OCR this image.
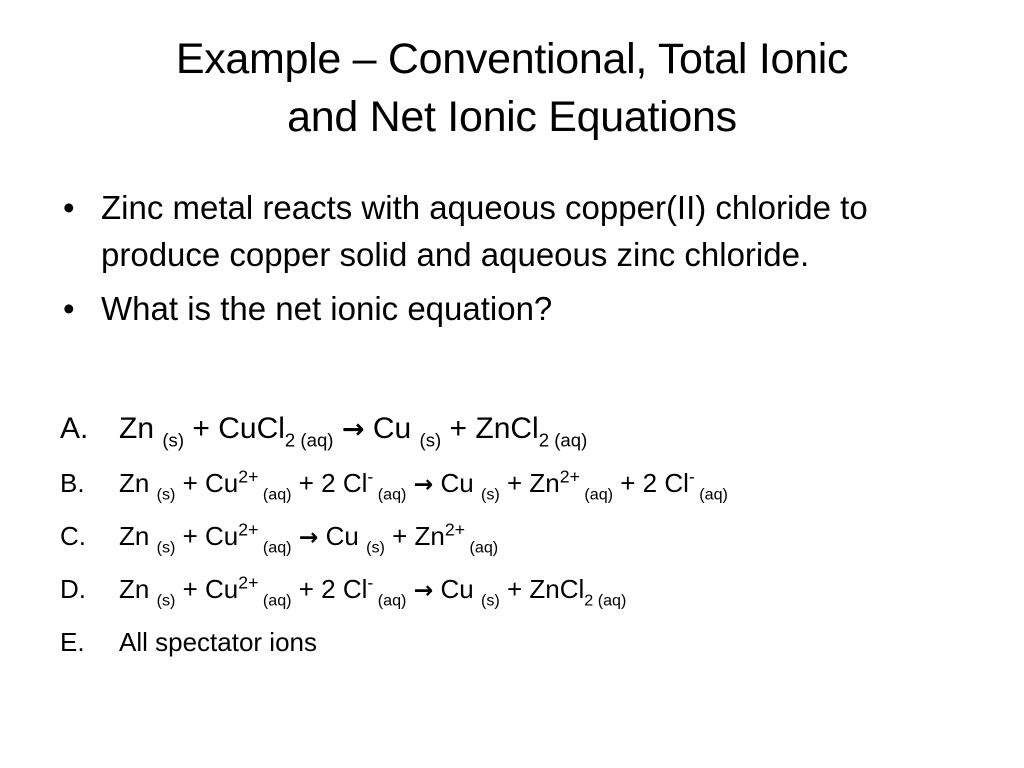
Example – Conventional, Total Ionic
and Net Ionic Equations
• Zinc metal reacts with aqueous copper(II) chloride to produce copper solid and aqueous zinc chloride.
• What is the net ionic equation?
A. Zn $_{(s)}$ + CuCl$_{2 (aq)}$ → Cu $_{(s)}$ + ZnCl$_{2 (aq)}$
B. Zn $_{(s)} + Cu^{2+}$ $_{(aq)}$ + 2 Cl- $_{(aq)}$ → Cu $_{(s)} + Zn^{2+}$ $_{(aq)}$ + 2 Cl- $_{(aq)}$
C. Zn $_{(s)} + Cu^{2+}$ $_{(aq)}$ → Cu $_{(s)} + Zn^{2+}$ $_{(aq)}$
D. Zn $_{(s)} + Cu^{2+}$ $_{(aq)}$ + 2 Cl- $_{(aq)}$ → Cu $_{(s)}$ + ZnCl$_{2 (aq)}$
E. All spectator ions
